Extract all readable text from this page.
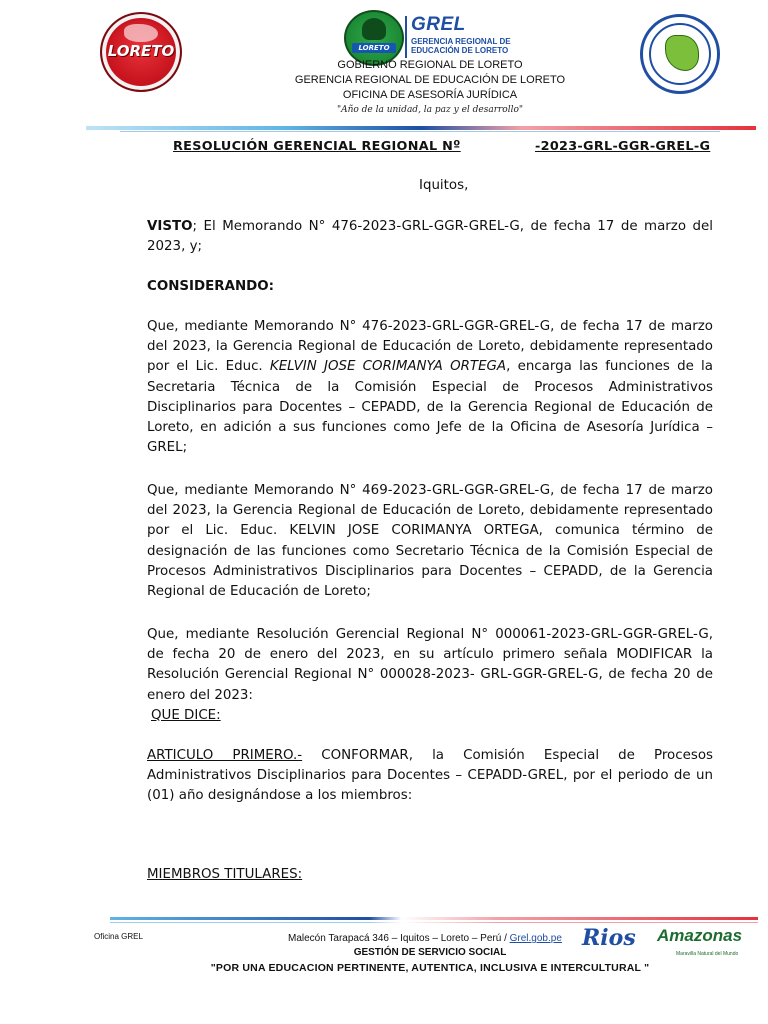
LORETO	LORETO
GREL
GERENCIA REGIONAL DE
EDUCACIÓN DE LORETO
GOBIERNO REGIONAL DE LORETO
GERENCIA REGIONAL DE EDUCACIÓN DE LORETO
OFICINA DE ASESORÍA JURÍDICA
"Año de la unidad, la paz y el desarrollo"
RESOLUCIÓN GERENCIAL REGIONAL Nº	-2023-GRL-GGR-GREL-G
Iquitos,
VISTO; El Memorando N° 476-2023-GRL-GGR-GREL-G, de fecha 17 de marzo del 2023, y;
CONSIDERANDO:
Que, mediante Memorando N° 476-2023-GRL-GGR-GREL-G, de fecha 17 de marzo del 2023, la Gerencia Regional de Educación de Loreto, debidamente representado por el Lic. Educ. KELVIN JOSE CORIMANYA ORTEGA, encarga las funciones de la Secretaria Técnica de la Comisión Especial de Procesos Administrativos Disciplinarios para Docentes – CEPADD, de la Gerencia Regional de Educación de Loreto, en adición a sus funciones como Jefe de la Oficina de Asesoría Jurídica – GREL;
Que, mediante Memorando N° 469-2023-GRL-GGR-GREL-G, de fecha 17 de marzo del 2023, la Gerencia Regional de Educación de Loreto, debidamente representado por el Lic. Educ. KELVIN JOSE CORIMANYA ORTEGA, comunica término de designación de las funciones como Secretario Técnica de la Comisión Especial de Procesos Administrativos Disciplinarios para Docentes – CEPADD, de la Gerencia Regional de Educación de Loreto;
Que, mediante Resolución Gerencial Regional N° 000061-2023-GRL-GGR-GREL-G, de fecha 20 de enero del 2023, en su artículo primero señala MODIFICAR la Resolución Gerencial Regional N° 000028-2023- GRL-GGR-GREL-G, de fecha 20 de enero del 2023:
QUE DICE:
ARTICULO PRIMERO.- CONFORMAR, la Comisión Especial de Procesos Administrativos Disciplinarios para Docentes – CEPADD-GREL, por el periodo de un (01) año designándose a los miembros:
MIEMBROS TITULARES:
Oficina GREL	Malecón Tarapacá 346 – Iquitos – Loreto – Perú / Grel.gob.pe
GESTIÓN DE SERVICIO SOCIAL
"POR UNA EDUCACION PERTINENTE, AUTENTICA, INCLUSIVA E INTERCULTURAL "
Rios Amazonas
Maravilla Natural del Mundo
